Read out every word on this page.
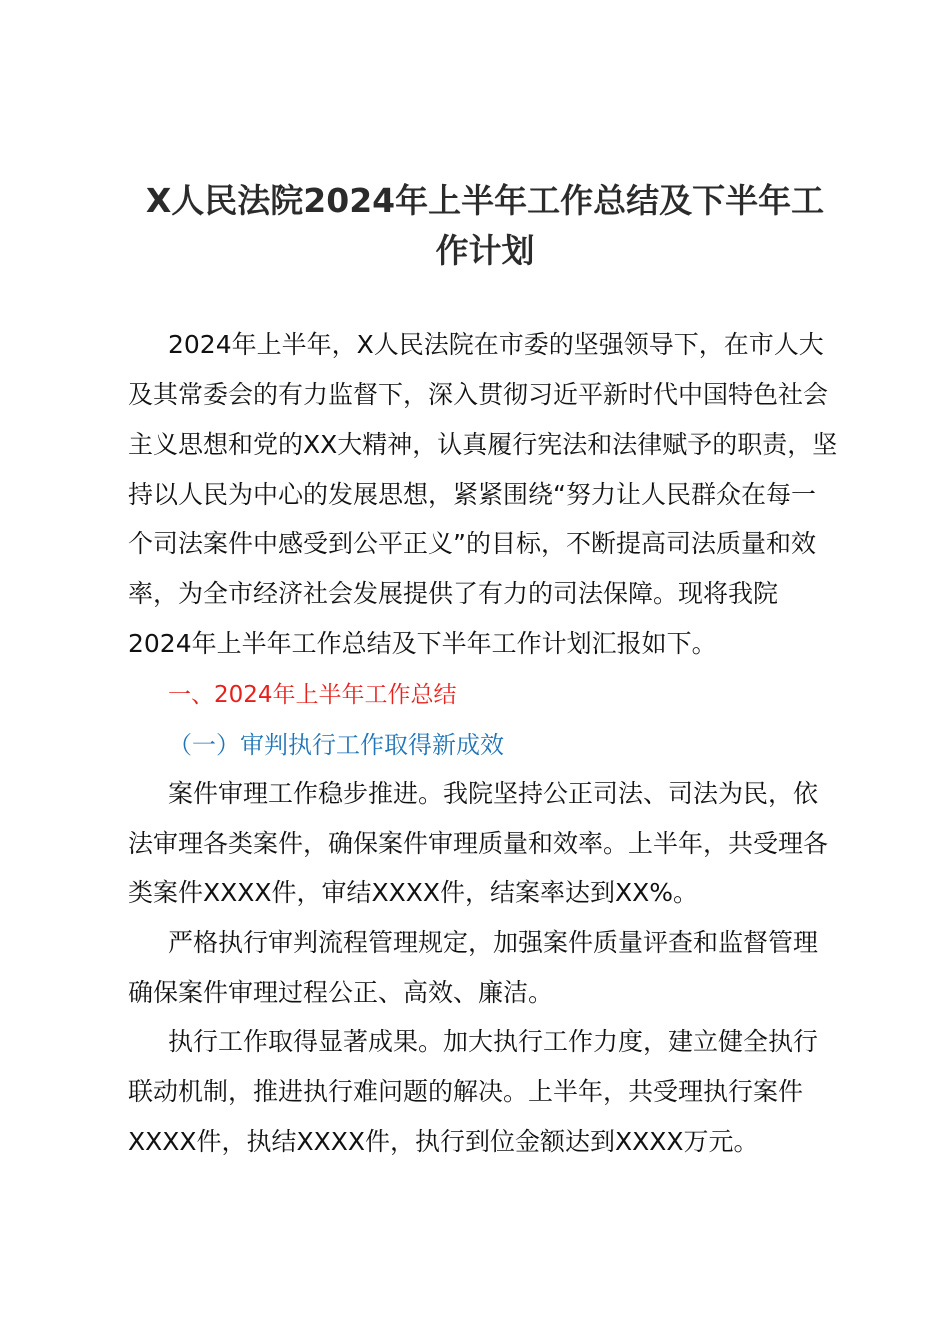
X人民法院2024年上半年工作总结及下半年工
作计划

2024年上半年，X人民法院在市委的坚强领导下，在市人大

及其常委会的有力监督下，深入贯彻习近平新时代中国特色社会

主义思想和党的XX大精神，认真履行宪法和法律赋予的职责，坚

持以人民为中心的发展思想，紧紧围绕“努力让人民群众在每一

个司法案件中感受到公平正义”的目标，不断提高司法质量和效

率，为全市经济社会发展提供了有力的司法保障。现将我院

2024年上半年工作总结及下半年工作计划汇报如下。

一、2024年上半年工作总结

（一）审判执行工作取得新成效

案件审理工作稳步推进。我院坚持公正司法、司法为民，依

法审理各类案件，确保案件审理质量和效率。上半年，共受理各

类案件XXXX件，审结XXXX件，结案率达到XX%。

严格执行审判流程管理规定，加强案件质量评查和监督管理

确保案件审理过程公正、高效、廉洁。

执行工作取得显著成果。加大执行工作力度，建立健全执行

联动机制，推进执行难问题的解决。上半年，共受理执行案件

XXXX件，执结XXXX件，执行到位金额达到XXXX万元。
